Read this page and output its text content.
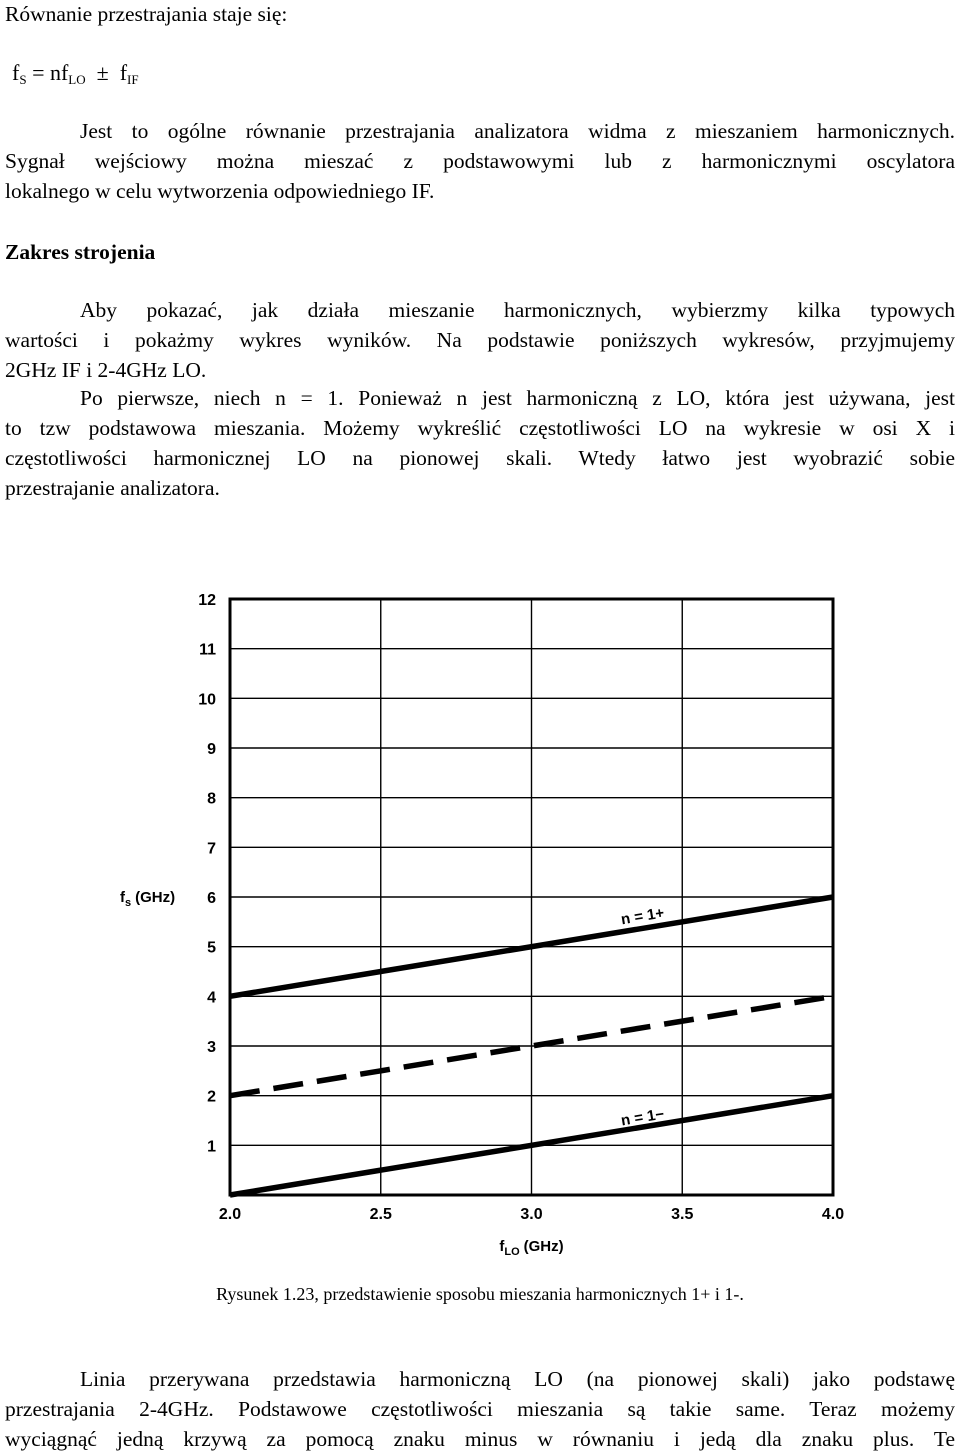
Równanie przestrajania staje się:
$f_S = nf_{LO} \pm f_{IF}$
Jest to ogólne równanie przestrajania analizatora widma z mieszaniem harmonicznych.
Sygnał wejściowy można mieszać z podstawowymi lub z harmonicznymi oscylatora
lokalnego w celu wytworzenia odpowiedniego IF.
Zakres strojenia
Aby pokazać, jak działa mieszanie harmonicznych, wybierzmy kilka typowych
wartości i pokażmy wykres wyników. Na podstawie poniższych wykresów, przyjmujemy
2GHz IF i 2-4GHz LO.
Po pierwsze, niech n = 1. Ponieważ n jest harmoniczną z LO, która jest używana, jest
to tzw podstawowa mieszania. Możemy wykreślić częstotliwości LO na wykresie w osi X i
częstotliwości harmonicznej LO na pionowej skali. Wtedy łatwo jest wyobrazić sobie
przestrajanie analizatora.
1
2
3
4
5
6
7
8
9
10
11
12
2.0	2.5	3.0	3.5	4.0
$f_s$ (GHz)
$f_{LO}$ (GHz)
n = 1+
n = 1−
Rysunek 1.23, przedstawienie sposobu mieszania harmonicznych 1+ i 1-.
Linia przerywana przedstawia harmoniczną LO (na pionowej skali) jako podstawę
przestrajania 2-4GHz. Podstawowe częstotliwości mieszania są takie same. Teraz możemy
wyciągnąć jedną krzywą za pomocą znaku minus w równaniu i jedą dla znaku plus. Te
